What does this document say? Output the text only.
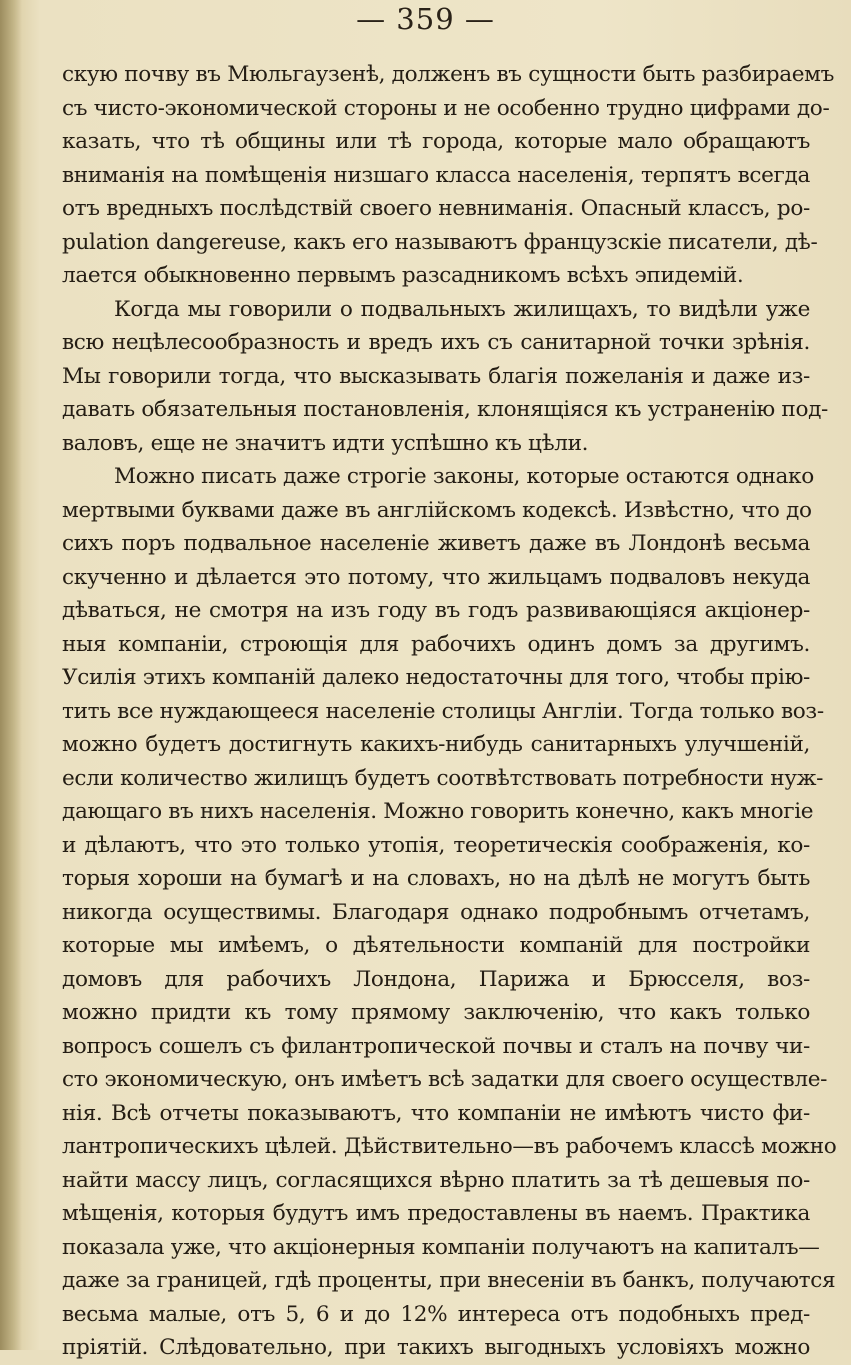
— 359 —
скую почву въ Мюльгаузенѣ, долженъ въ сущности быть разбираемъ
съ чисто-экономической стороны и не особенно трудно цифрами до-
казать, что тѣ общины или тѣ города, которые мало обращаютъ
вниманія на помѣщенія низшаго класса населенія, терпятъ всегда
отъ вредныхъ послѣдствій своего невниманія. Опасный классъ, po-
pulation dangereuse, какъ его называютъ французскіе писатели, дѣ-
лается обыкновенно первымъ разсадникомъ всѣхъ эпидемій.
Когда мы говорили о подвальныхъ жилищахъ, то видѣли уже
всю нецѣлесообразность и вредъ ихъ съ санитарной точки зрѣнія.
Мы говорили тогда, что высказывать благія пожеланія и даже из-
давать обязательныя постановленія, клонящіяся къ устраненію под-
валовъ, еще не значитъ идти успѣшно къ цѣли.
Можно писать даже строгіе законы, которые остаются однако
мертвыми буквами даже въ англійскомъ кодексѣ. Извѣстно, что до
сихъ поръ подвальное населеніе живетъ даже въ Лондонѣ весьма
скученно и дѣлается это потому, что жильцамъ подваловъ некуда
дѣваться, не смотря на изъ году въ годъ развивающіяся акціонер-
ныя компаніи, строющія для рабочихъ одинъ домъ за другимъ.
Усилія этихъ компаній далеко недостаточны для того, чтобы прію-
тить все нуждающееся населеніе столицы Англіи. Тогда только воз-
можно будетъ достигнуть какихъ-нибудь санитарныхъ улучшеній,
если количество жилищъ будетъ соотвѣтствовать потребности нуж-
дающаго въ нихъ населенія. Можно говорить конечно, какъ многіе
и дѣлаютъ, что это только утопія, теоретическія соображенія, ко-
торыя хороши на бумагѣ и на словахъ, но на дѣлѣ не могутъ быть
никогда осуществимы. Благодаря однако подробнымъ отчетамъ,
которые мы имѣемъ, о дѣятельности компаній для постройки
домовъ для рабочихъ Лондона, Парижа и Брюсселя, воз-
можно придти къ тому прямому заключенію, что какъ только
вопросъ сошелъ съ филантропической почвы и сталъ на почву чи-
сто экономическую, онъ имѣетъ всѣ задатки для своего осуществле-
нія. Всѣ отчеты показываютъ, что компаніи не имѣютъ чисто фи-
лантропическихъ цѣлей. Дѣйствительно—въ рабочемъ классѣ можно
найти массу лицъ, согласящихся вѣрно платить за тѣ дешевыя по-
мѣщенія, которыя будутъ имъ предоставлены въ наемъ. Практика
показала уже, что акціонерныя компаніи получаютъ на капиталъ—
даже за границей, гдѣ проценты, при внесеніи въ банкъ, получаются
весьма малые, отъ 5, 6 и до 12% интереса отъ подобныхъ пред-
пріятій. Слѣдовательно, при такихъ выгодныхъ условіяхъ можно
